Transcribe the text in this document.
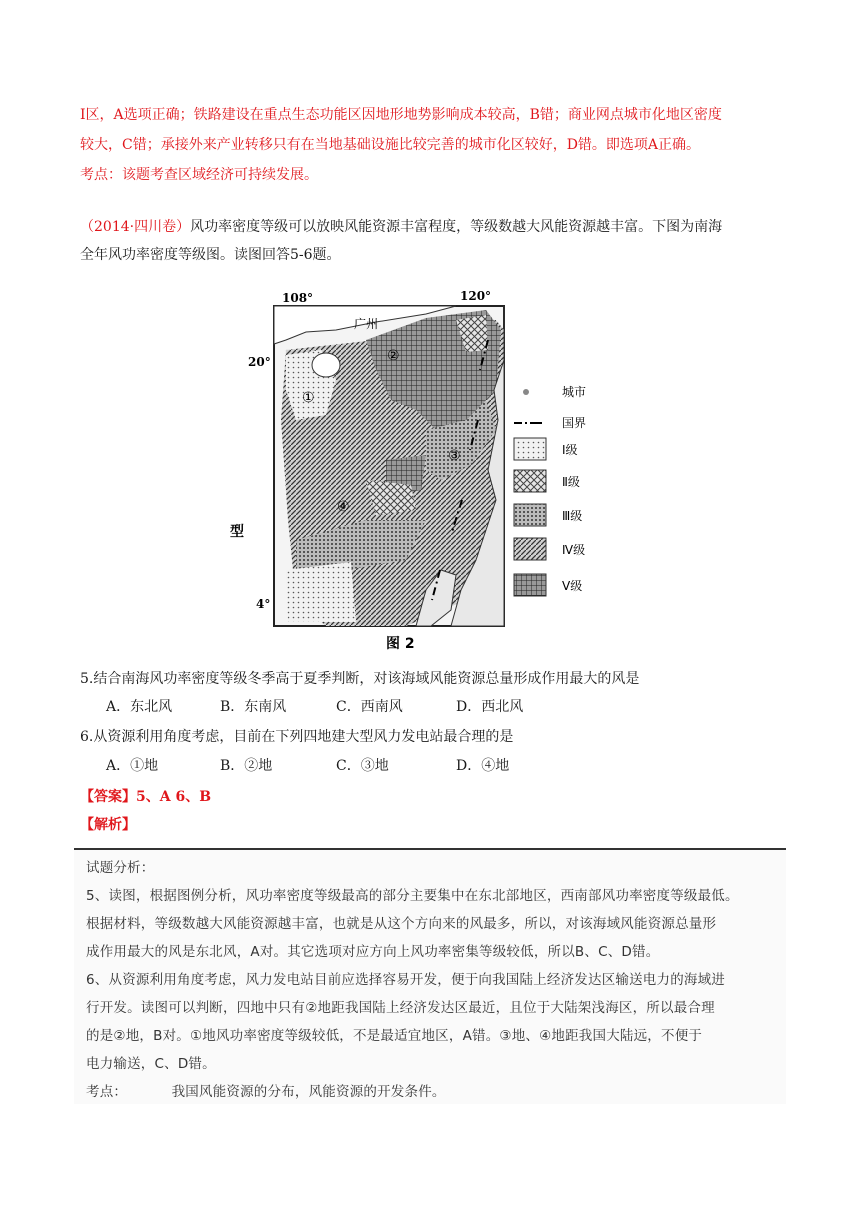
Ⅰ区，A选项正确；铁路建设在重点生态功能区因地形地势影响成本较高，B错；商业网点城市化地区密度
较大，C错；承接外来产业转移只有在当地基础设施比较完善的城市化区较好，D错。即选项A正确。
考点：该题考查区域经济可持续发展。
（2014·四川卷）风功率密度等级可以放映风能资源丰富程度，等级数越大风能资源越丰富。下图为南海
全年风功率密度等级图。读图回答5-6题。
108°	120°
20°
4°
广州
型
①
②
③
④
城市
国界
Ⅰ级
Ⅱ级
Ⅲ级
Ⅳ级
Ⅴ级
图 2
5.结合南海风功率密度等级冬季高于夏季判断，对该海域风能资源总量形成作用最大的风是
A．东北风	B．东南风	C．西南风	D．西北风
6.从资源利用角度考虑，目前在下列四地建大型风力发电站最合理的是
A．①地	B．②地	C．③地	D．④地
【答案】5、A 6、B
【解析】
试题分析：
5、读图，根据图例分析，风功率密度等级最高的部分主要集中在东北部地区，西南部风功率密度等级最低。
根据材料，等级数越大风能资源越丰富，也就是从这个方向来的风最多，所以，对该海域风能资源总量形
成作用最大的风是东北风，A对。其它选项对应方向上风功率密集等级较低，所以B、C、D错。
6、从资源利用角度考虑，风力发电站目前应选择容易开发，便于向我国陆上经济发达区输送电力的海域进
行开发。读图可以判断，四地中只有②地距我国陆上经济发达区最近，且位于大陆架浅海区，所以最合理
的是②地，B对。①地风功率密度等级较低，不是最适宜地区，A错。③地、④地距我国大陆远，不便于
电力输送，C、D错。
考点：	我国风能资源的分布，风能资源的开发条件。
